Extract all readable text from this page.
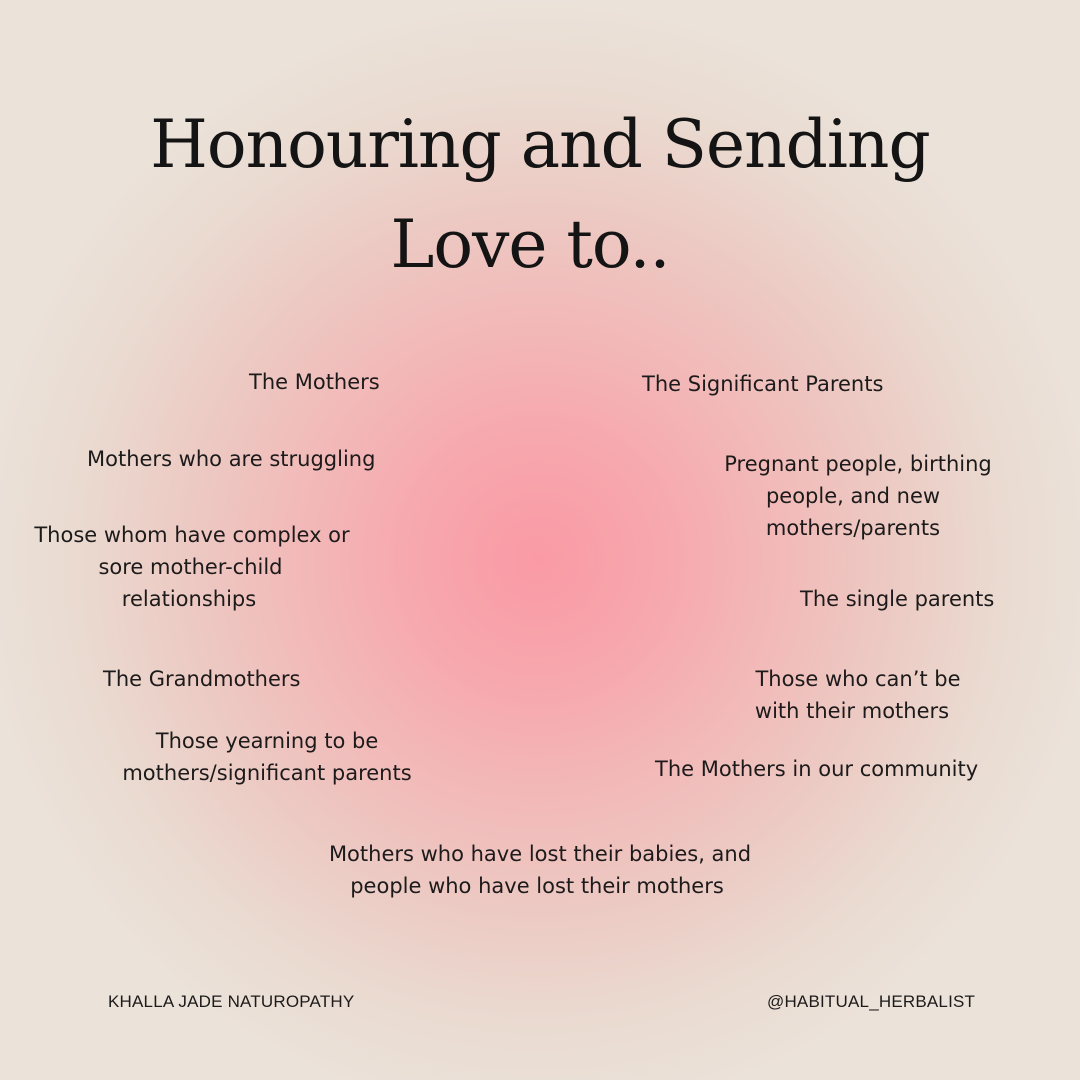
Honouring and Sending
Love to..
The Mothers
Mothers who are struggling
Those whom have complex or
sore mother-child
relationships
The Grandmothers
Those yearning to be
mothers/significant parents
The Significant Parents
Pregnant people, birthing
people, and new
mothers/parents
The single parents
Those who can’t be
with their mothers
The Mothers in our community
Mothers who have lost their babies, and
people who have lost their mothers
KHALLA JADE NATUROPATHY	@HABITUAL_HERBALIST
